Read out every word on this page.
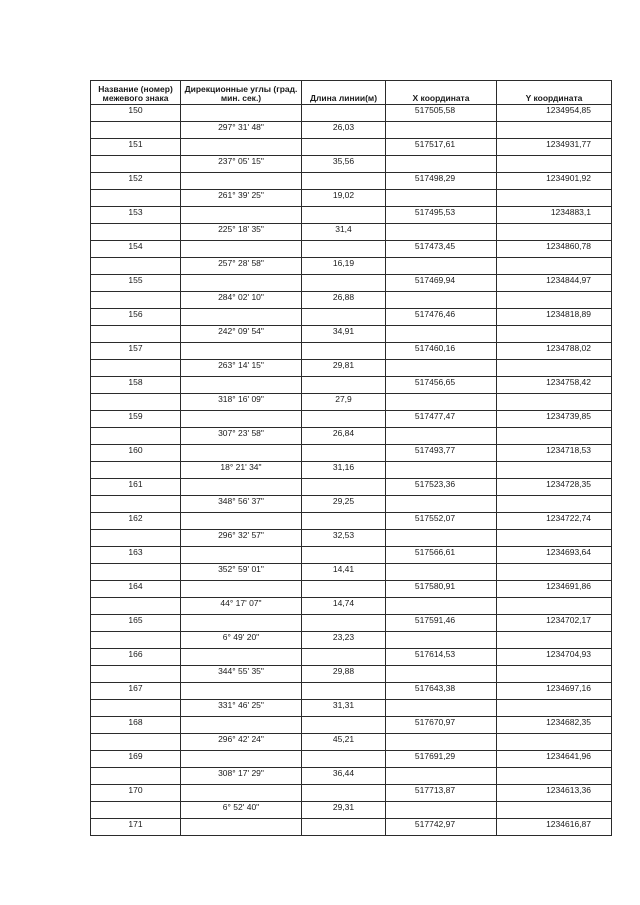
Название (номер) межевого знака	Дирекционные углы (град. мин. сек.)	Длина линии(м)	X координата	Y координата
150			517505,58	1234954,85
	297° 31' 48"	26,03		
151			517517,61	1234931,77
	237° 05' 15"	35,56		
152			517498,29	1234901,92
	261° 39' 25"	19,02		
153			517495,53	1234883,1
	225° 18' 35"	31,4		
154			517473,45	1234860,78
	257° 28' 58"	16,19		
155			517469,94	1234844,97
	284° 02' 10"	26,88		
156			517476,46	1234818,89
	242° 09' 54"	34,91		
157			517460,16	1234788,02
	263° 14' 15"	29,81		
158			517456,65	1234758,42
	318° 16' 09"	27,9		
159			517477,47	1234739,85
	307° 23' 58"	26,84		
160			517493,77	1234718,53
	18° 21' 34"	31,16		
161			517523,36	1234728,35
	348° 56' 37"	29,25		
162			517552,07	1234722,74
	296° 32' 57"	32,53		
163			517566,61	1234693,64
	352° 59' 01"	14,41		
164			517580,91	1234691,86
	44° 17' 07"	14,74		
165			517591,46	1234702,17
	6° 49' 20"	23,23		
166			517614,53	1234704,93
	344° 55' 35"	29,88		
167			517643,38	1234697,16
	331° 46' 25"	31,31		
168			517670,97	1234682,35
	296° 42' 24"	45,21		
169			517691,29	1234641,96
	308° 17' 29"	36,44		
170			517713,87	1234613,36
	6° 52' 40"	29,31		
171			517742,97	1234616,87
